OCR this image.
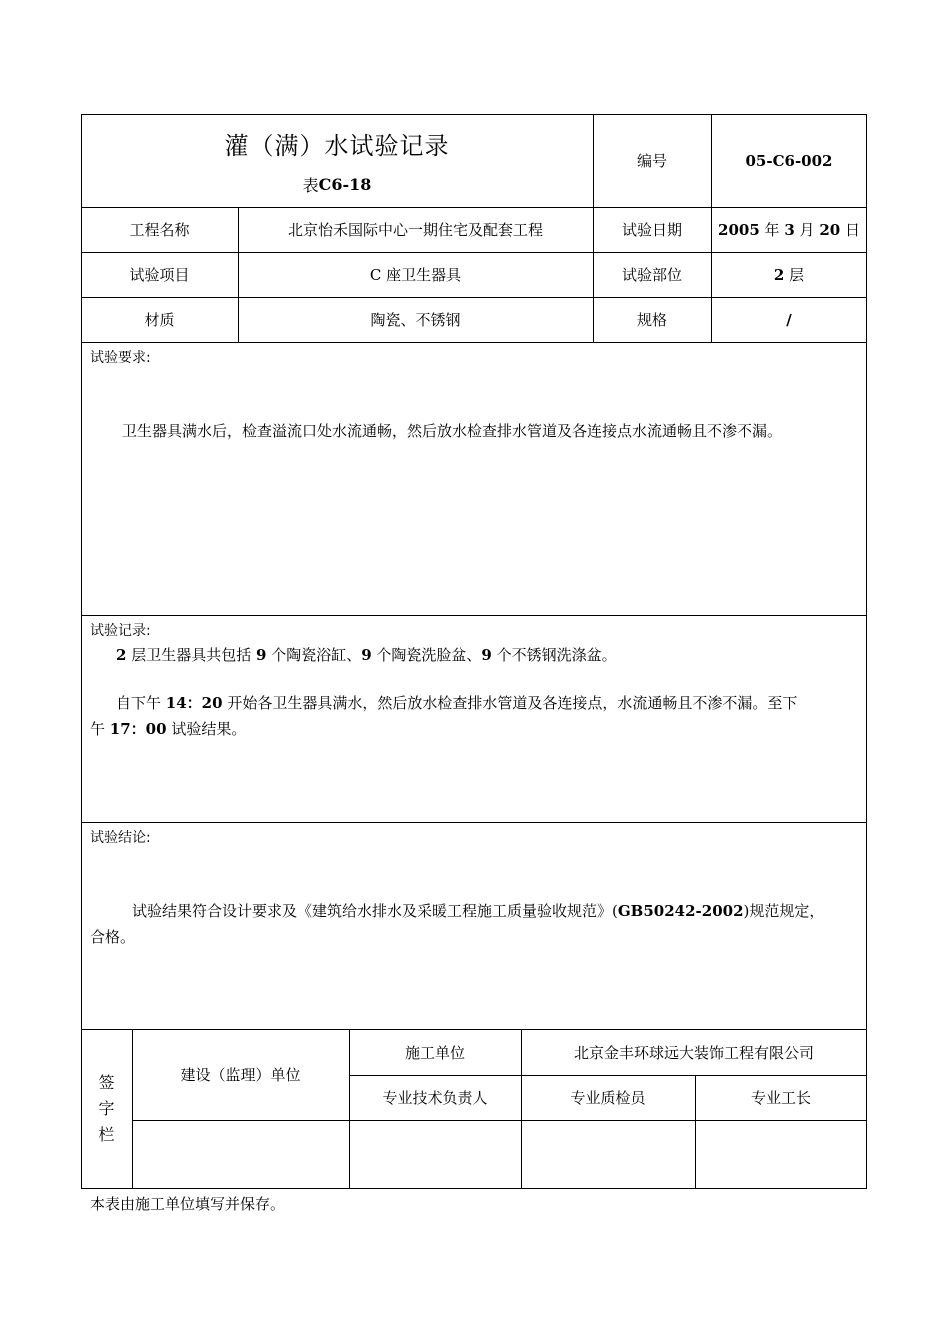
灌（满）水试验记录
表 C6-18
编号	05-C6-002
工程名称	北京怡禾国际中心一期住宅及配套工程	试验日期	2005 年 3 月 20 日
试验项目	C 座卫生器具	试验部位	2 层
材质	陶瓷、不锈钢	规格	/
试验要求:
卫生器具满水后，检查溢流口处水流通畅，然后放水检查排水管道及各连接点水流通畅且不渗不漏。
试验记录:
2 层卫生器具共包括 9 个陶瓷浴缸、9 个陶瓷洗脸盆、9 个不锈钢洗涤盆。
自下午 14：20 开始各卫生器具满水，然后放水检查排水管道及各连接点，水流通畅且不渗不漏。至下
午 17：00 试验结果。
试验结论:
试验结果符合设计要求及《建筑给水排水及采暖工程施工质量验收规范》(GB50242-2002)规范规定，
合格。
签
字
栏
建设（监理）单位
施工单位	北京金丰环球远大装饰工程有限公司
专业技术负责人	专业质检员	专业工长
本表由施工单位填写并保存。
